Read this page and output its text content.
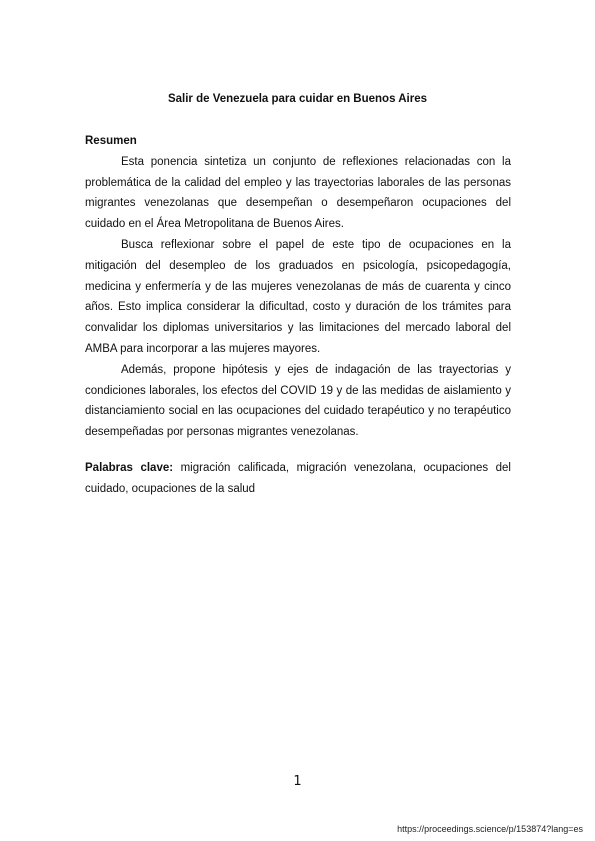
Salir de Venezuela para cuidar en Buenos Aires

Resumen

Esta ponencia sintetiza un conjunto de reflexiones relacionadas con la problemática de la calidad del empleo y las trayectorias laborales de las personas migrantes venezolanas que desempeñan o desempeñaron ocupaciones del cuidado en el Área Metropolitana de Buenos Aires.

Busca reflexionar sobre el papel de este tipo de ocupaciones en la mitigación del desempleo de los graduados en psicología, psicopedagogía, medicina y enfermería y de las mujeres venezolanas de más de cuarenta y cinco años. Esto implica considerar la dificultad, costo y duración de los trámites para convalidar los diplomas universitarios y las limitaciones del mercado laboral del AMBA para incorporar a las mujeres mayores.

Además, propone hipótesis y ejes de indagación de las trayectorias y condiciones laborales, los efectos del COVID 19 y de las medidas de aislamiento y distanciamiento social en las ocupaciones del cuidado terapéutico y no terapéutico desempeñadas por personas migrantes venezolanas.

Palabras clave: migración calificada, migración venezolana, ocupaciones del cuidado, ocupaciones de la salud

1
https://proceedings.science/p/153874?lang=es
